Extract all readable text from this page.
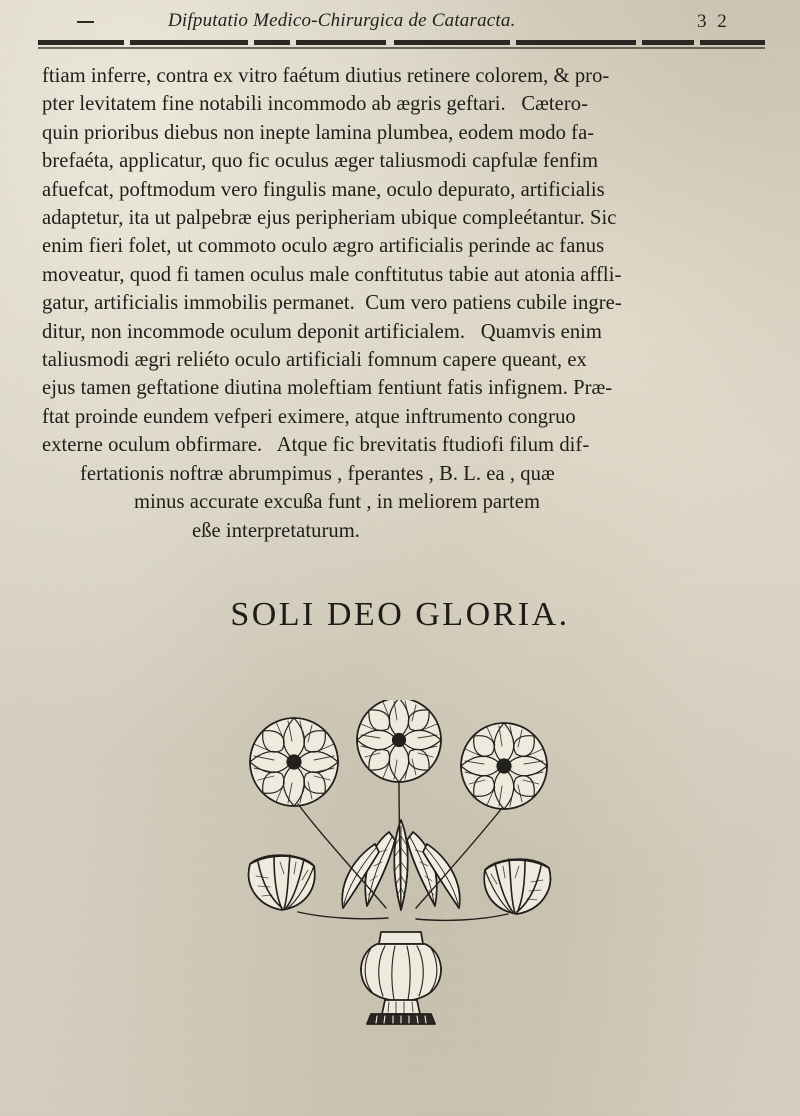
Difputatio Medico-Chirurgica de Cataracta.	3 2
ftiam inferre, contra ex vitro faétum diutius retinere colorem, & pro-
pter levitatem fine notabili incommodo ab ægris geftari.   Cætero-
quin prioribus diebus non inepte lamina plumbea, eodem modo fa-
brefaéta, applicatur, quo fic oculus æger taliusmodi capfulæ fenfim
afuefcat, poftmodum vero fingulis mane, oculo depurato, artificialis
adaptetur, ita ut palpebræ ejus peripheriam ubique compleétantur. Sic
enim fieri folet, ut commoto oculo ægro artificialis perinde ac fanus
moveatur, quod fi tamen oculus male conftitutus tabie aut atonia affli-
gatur, artificialis immobilis permanet.  Cum vero patiens cubile ingre-
ditur, non incommode oculum deponit artificialem.   Quamvis enim
taliusmodi ægri reliéto oculo artificiali fomnum capere queant, ex
ejus tamen geftatione diutina moleftiam fentiunt fatis infignem. Præ-
ftat proinde eundem vefperi eximere, atque inftrumento congruo
externe oculum obfirmare.   Atque fic brevitatis ftudiofi filum dif-
fertationis noftræ abrumpimus , fperantes , B. L. ea , quæ
minus accurate excußa funt , in meliorem partem
eße interpretaturum.
SOLI DEO GLORIA.
